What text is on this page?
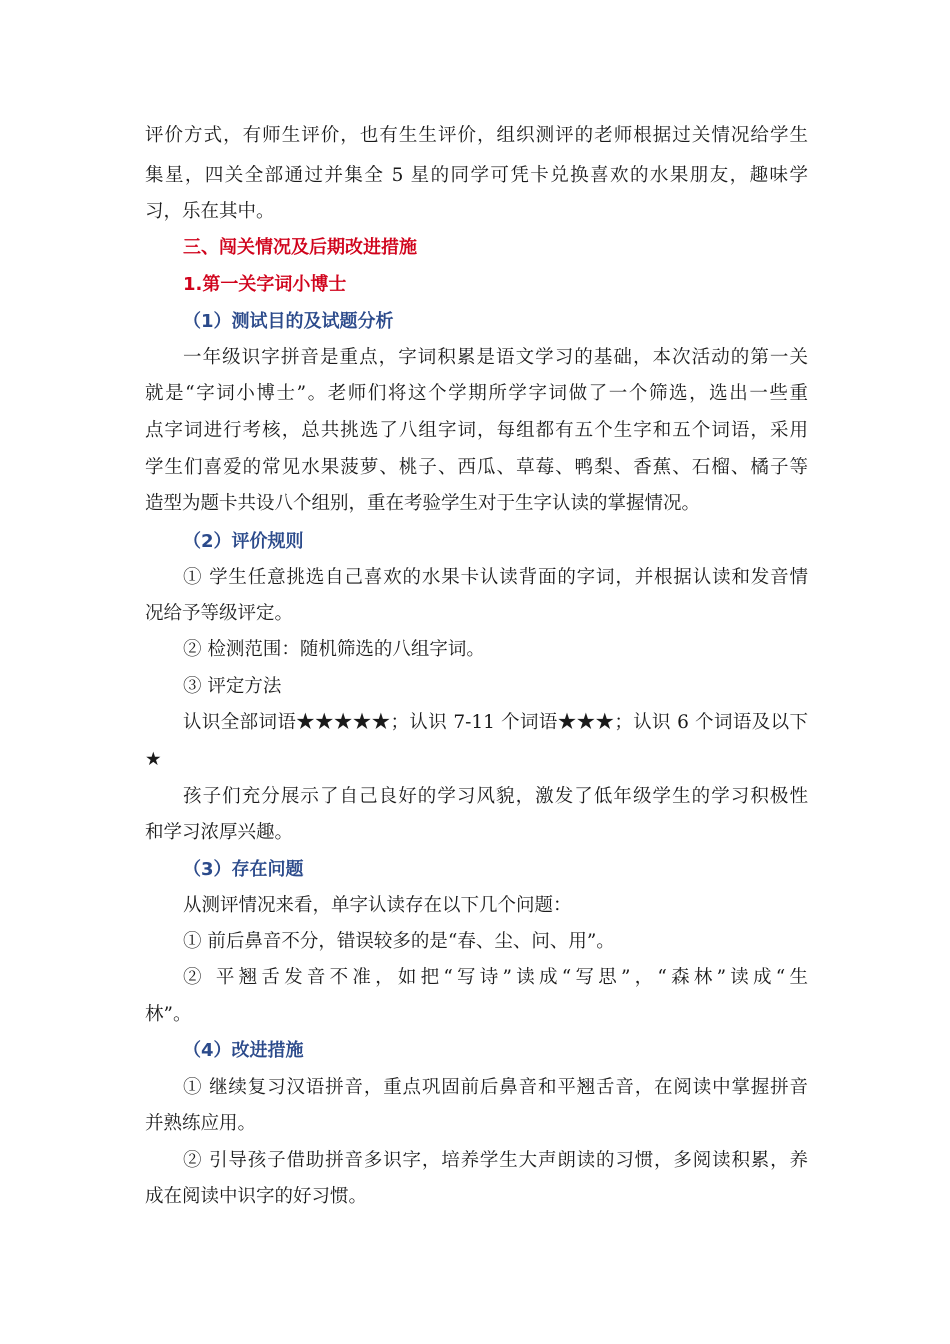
评价方式，有师生评价，也有生生评价，组织测评的老师根据过关情况给学生
集星，四关全部通过并集全 5 星的同学可凭卡兑换喜欢的水果朋友，趣味学
习，乐在其中。
三、闯关情况及后期改进措施
1.第一关字词小博士
（1）测试目的及试题分析
一年级识字拼音是重点，字词积累是语文学习的基础，本次活动的第一关
就是“字词小博士”。老师们将这个学期所学字词做了一个筛选，选出一些重
点字词进行考核，总共挑选了八组字词，每组都有五个生字和五个词语，采用
学生们喜爱的常见水果菠萝、桃子、西瓜、草莓、鸭梨、香蕉、石榴、橘子等
造型为题卡共设八个组别，重在考验学生对于生字认读的掌握情况。
（2）评价规则
① 学生任意挑选自己喜欢的水果卡认读背面的字词，并根据认读和发音情
况给予等级评定。
② 检测范围：随机筛选的八组字词。
③ 评定方法
认识全部词语★★★★★；认识 7-11 个词语★★★；认识 6 个词语及以下
★
孩子们充分展示了自己良好的学习风貌，激发了低年级学生的学习积极性
和学习浓厚兴趣。
（3）存在问题
从测评情况来看，单字认读存在以下几个问题：
① 前后鼻音不分，错误较多的是“春、尘、问、用”。
② 平翘舌发音不准，如把“写诗”读成“写思”，“森林”读成“生
林”。
（4）改进措施
① 继续复习汉语拼音，重点巩固前后鼻音和平翘舌音，在阅读中掌握拼音
并熟练应用。
② 引导孩子借助拼音多识字，培养学生大声朗读的习惯，多阅读积累，养
成在阅读中识字的好习惯。
